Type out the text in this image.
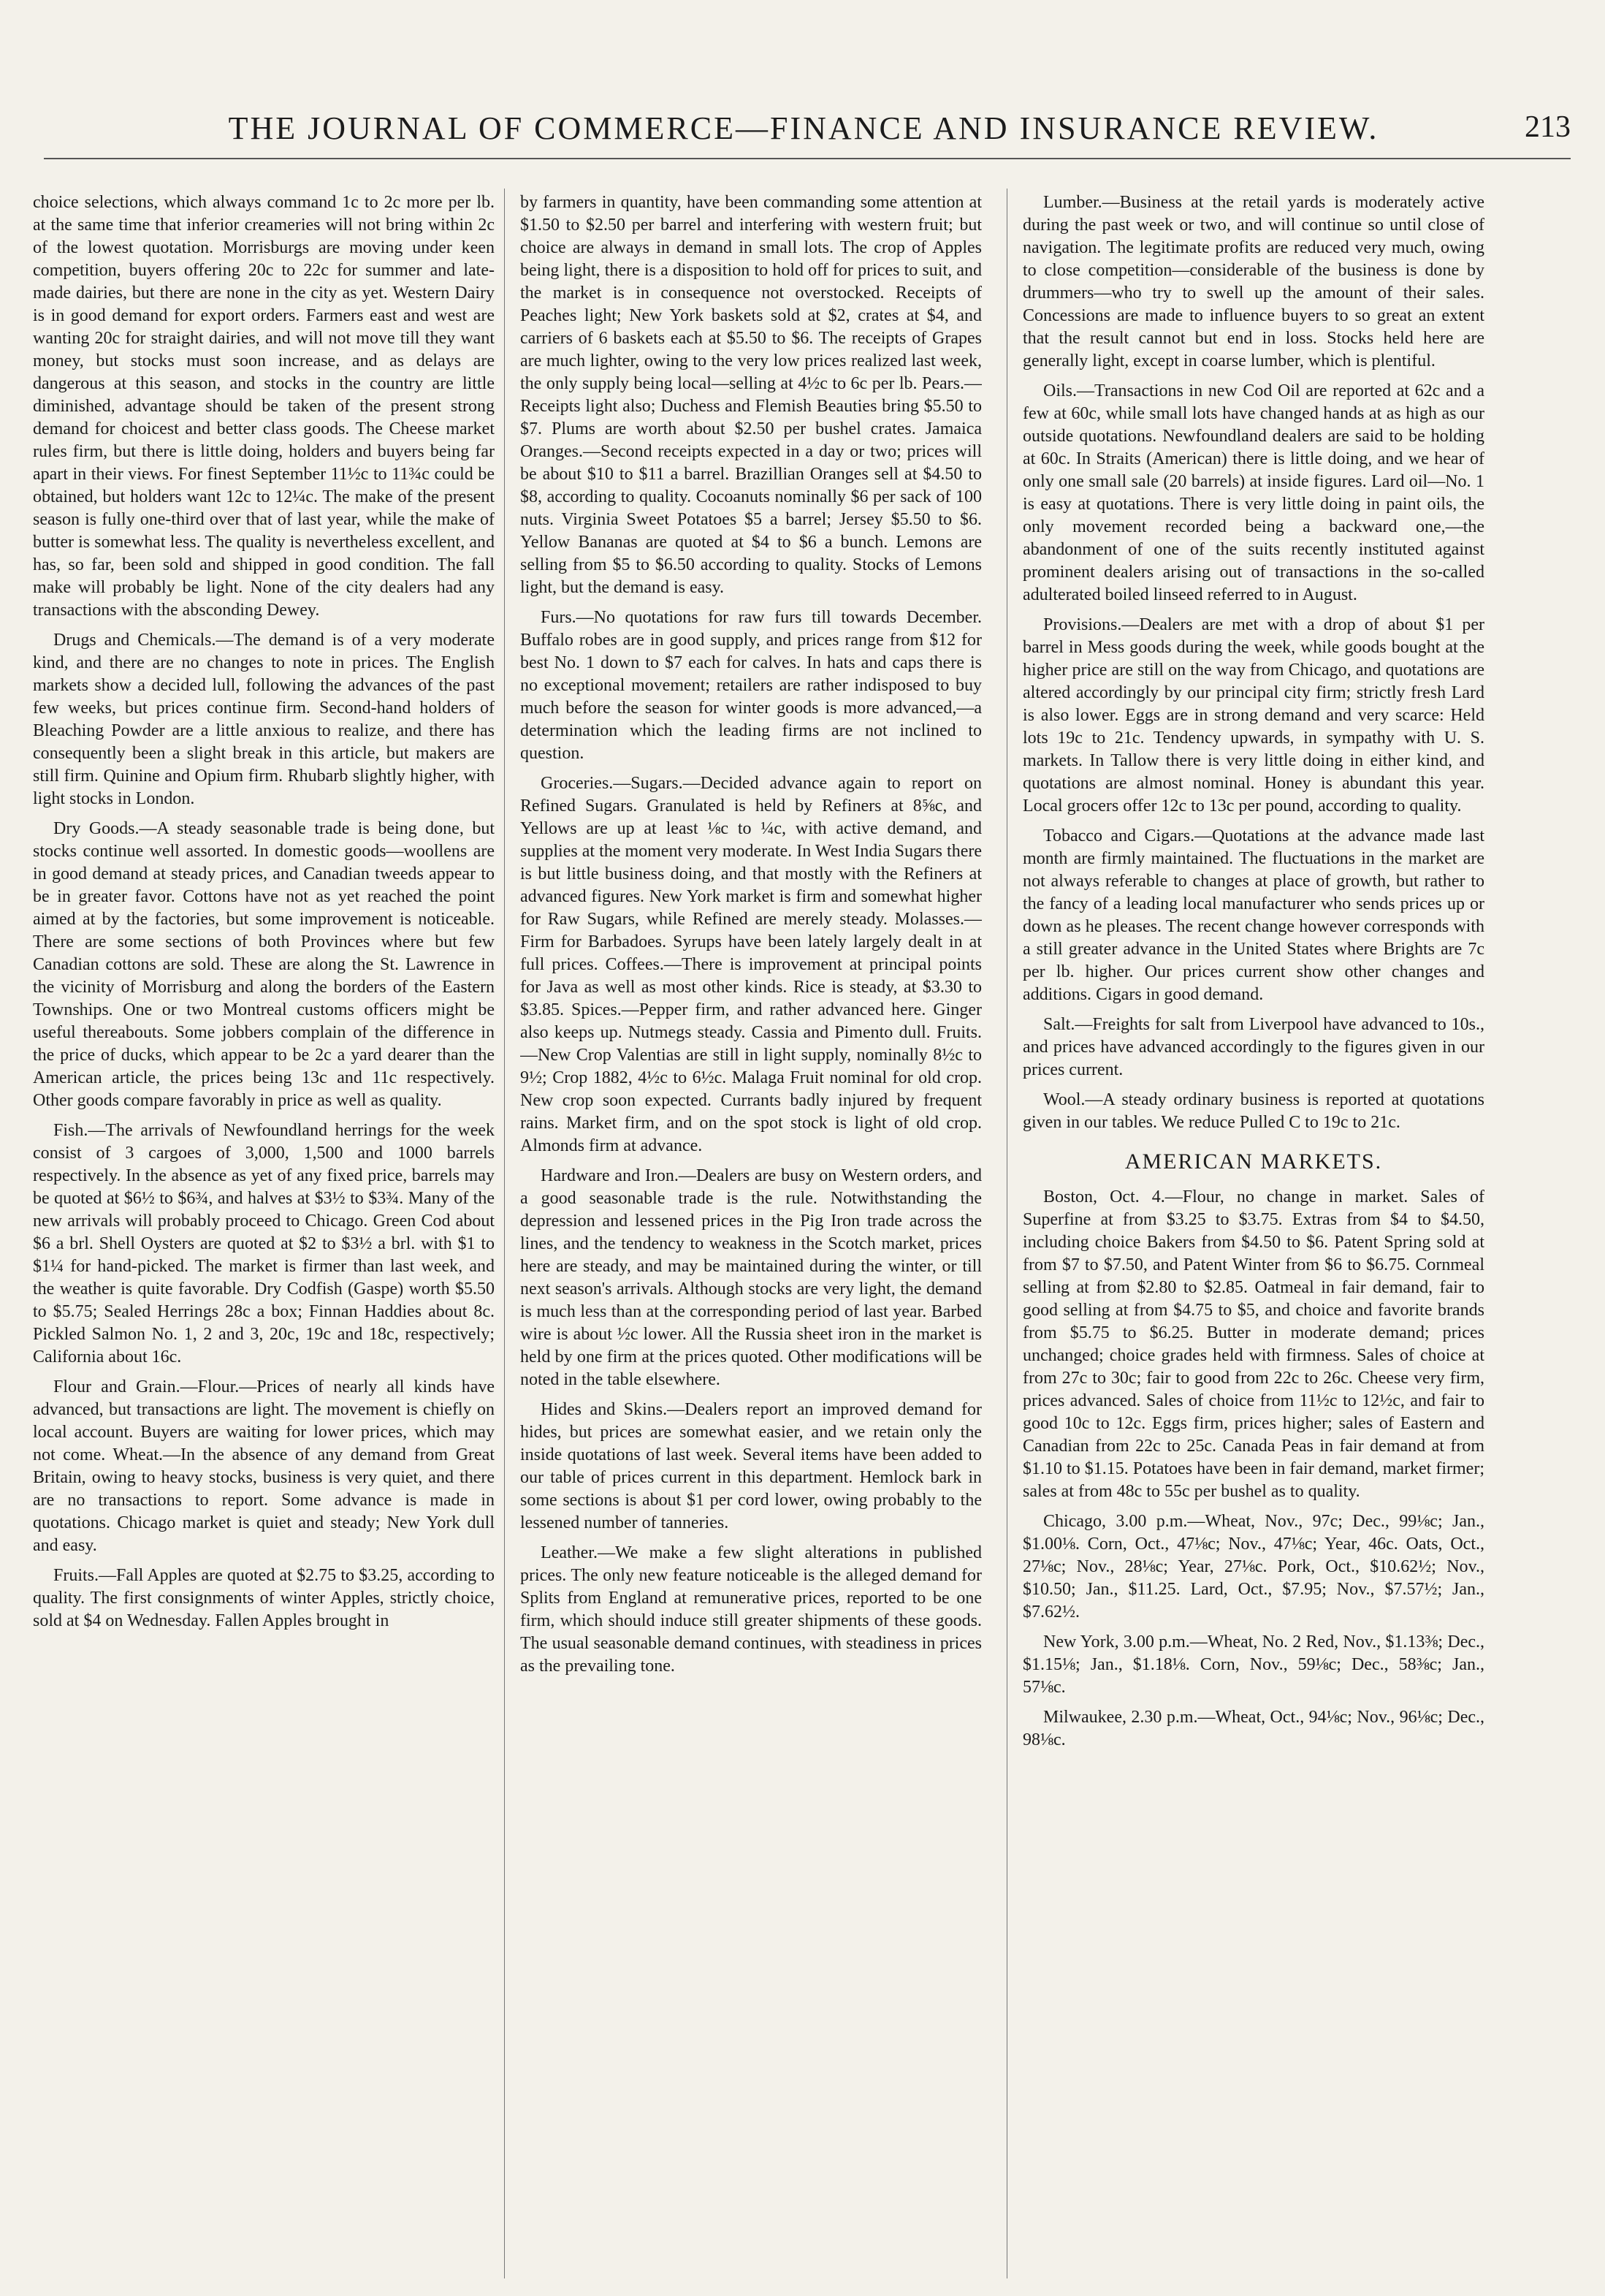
THE JOURNAL OF COMMERCE—FINANCE AND INSURANCE REVIEW.	213

choice selections, which always command 1c to 2c more per lb. at the same time that inferior creameries will not bring within 2c of the lowest quotation. Morrisburgs are moving under keen competition, buyers offering 20c to 22c for summer and late-made dairies, but there are none in the city as yet. Western Dairy is in good demand for export orders. Farmers east and west are wanting 20c for straight dairies, and will not move till they want money, but stocks must soon increase, and as delays are dangerous at this season, and stocks in the country are little diminished, advantage should be taken of the present strong demand for choicest and better class goods. The Cheese market rules firm, but there is little doing, holders and buyers being far apart in their views. For finest September 11½c to 11¾c could be obtained, but holders want 12c to 12¼c. The make of the present season is fully one-third over that of last year, while the make of butter is somewhat less. The quality is nevertheless excellent, and has, so far, been sold and shipped in good condition. The fall make will probably be light. None of the city dealers had any transactions with the absconding Dewey.

Drugs and Chemicals.—The demand is of a very moderate kind, and there are no changes to note in prices. The English markets show a decided lull, following the advances of the past few weeks, but prices continue firm. Second-hand holders of Bleaching Powder are a little anxious to realize, and there has consequently been a slight break in this article, but makers are still firm. Quinine and Opium firm. Rhubarb slightly higher, with light stocks in London.

Dry Goods.—A steady seasonable trade is being done, but stocks continue well assorted. In domestic goods—woollens are in good demand at steady prices, and Canadian tweeds appear to be in greater favor. Cottons have not as yet reached the point aimed at by the factories, but some improvement is noticeable. There are some sections of both Provinces where but few Canadian cottons are sold. These are along the St. Lawrence in the vicinity of Morrisburg and along the borders of the Eastern Townships. One or two Montreal customs officers might be useful thereabouts. Some jobbers complain of the difference in the price of ducks, which appear to be 2c a yard dearer than the American article, the prices being 13c and 11c respectively. Other goods compare favorably in price as well as quality.

Fish.—The arrivals of Newfoundland herrings for the week consist of 3 cargoes of 3,000, 1,500 and 1000 barrels respectively. In the absence as yet of any fixed price, barrels may be quoted at $6½ to $6¾, and halves at $3½ to $3¾. Many of the new arrivals will probably proceed to Chicago. Green Cod about $6 a brl. Shell Oysters are quoted at $2 to $3½ a brl. with $1 to $1¼ for hand-picked. The market is firmer than last week, and the weather is quite favorable. Dry Codfish (Gaspe) worth $5.50 to $5.75; Sealed Herrings 28c a box; Finnan Haddies about 8c. Pickled Salmon No. 1, 2 and 3, 20c, 19c and 18c, respectively; California about 16c.

Flour and Grain.—Flour.—Prices of nearly all kinds have advanced, but transactions are light. The movement is chiefly on local account. Buyers are waiting for lower prices, which may not come. Wheat.—In the absence of any demand from Great Britain, owing to heavy stocks, business is very quiet, and there are no transactions to report. Some advance is made in quotations. Chicago market is quiet and steady; New York dull and easy.

Fruits.—Fall Apples are quoted at $2.75 to $3.25, according to quality. The first consignments of winter Apples, strictly choice, sold at $4 on Wednesday. Fallen Apples brought in

by farmers in quantity, have been commanding some attention at $1.50 to $2.50 per barrel and interfering with western fruit; but choice are always in demand in small lots. The crop of Apples being light, there is a disposition to hold off for prices to suit, and the market is in consequence not overstocked. Receipts of Peaches light; New York baskets sold at $2, crates at $4, and carriers of 6 baskets each at $5.50 to $6. The receipts of Grapes are much lighter, owing to the very low prices realized last week, the only supply being local—selling at 4½c to 6c per lb. Pears.—Receipts light also; Duchess and Flemish Beauties bring $5.50 to $7. Plums are worth about $2.50 per bushel crates. Jamaica Oranges.—Second receipts expected in a day or two; prices will be about $10 to $11 a barrel. Brazillian Oranges sell at $4.50 to $8, according to quality. Cocoanuts nominally $6 per sack of 100 nuts. Virginia Sweet Potatoes $5 a barrel; Jersey $5.50 to $6. Yellow Bananas are quoted at $4 to $6 a bunch. Lemons are selling from $5 to $6.50 according to quality. Stocks of Lemons light, but the demand is easy.

Furs.—No quotations for raw furs till towards December. Buffalo robes are in good supply, and prices range from $12 for best No. 1 down to $7 each for calves. In hats and caps there is no exceptional movement; retailers are rather indisposed to buy much before the season for winter goods is more advanced,—a determination which the leading firms are not inclined to question.

Groceries.—Sugars.—Decided advance again to report on Refined Sugars. Granulated is held by Refiners at 8⅝c, and Yellows are up at least ⅛c to ¼c, with active demand, and supplies at the moment very moderate. In West India Sugars there is but little business doing, and that mostly with the Refiners at advanced figures. New York market is firm and somewhat higher for Raw Sugars, while Refined are merely steady. Molasses.—Firm for Barbadoes. Syrups have been lately largely dealt in at full prices. Coffees.—There is improvement at principal points for Java as well as most other kinds. Rice is steady, at $3.30 to $3.85. Spices.—Pepper firm, and rather advanced here. Ginger also keeps up. Nutmegs steady. Cassia and Pimento dull. Fruits.—New Crop Valentias are still in light supply, nominally 8½c to 9½; Crop 1882, 4½c to 6½c. Malaga Fruit nominal for old crop. New crop soon expected. Currants badly injured by frequent rains. Market firm, and on the spot stock is light of old crop. Almonds firm at advance.

Hardware and Iron.—Dealers are busy on Western orders, and a good seasonable trade is the rule. Notwithstanding the depression and lessened prices in the Pig Iron trade across the lines, and the tendency to weakness in the Scotch market, prices here are steady, and may be maintained during the winter, or till next season's arrivals. Although stocks are very light, the demand is much less than at the corresponding period of last year. Barbed wire is about ½c lower. All the Russia sheet iron in the market is held by one firm at the prices quoted. Other modifications will be noted in the table elsewhere.

Hides and Skins.—Dealers report an improved demand for hides, but prices are somewhat easier, and we retain only the inside quotations of last week. Several items have been added to our table of prices current in this department. Hemlock bark in some sections is about $1 per cord lower, owing probably to the lessened number of tanneries.

Leather.—We make a few slight alterations in published prices. The only new feature noticeable is the alleged demand for Splits from England at remunerative prices, reported to be one firm, which should induce still greater shipments of these goods. The usual seasonable demand continues, with steadiness in prices as the prevailing tone.

Lumber.—Business at the retail yards is moderately active during the past week or two, and will continue so until close of navigation. The legitimate profits are reduced very much, owing to close competition—considerable of the business is done by drummers—who try to swell up the amount of their sales. Concessions are made to influence buyers to so great an extent that the result cannot but end in loss. Stocks held here are generally light, except in coarse lumber, which is plentiful.

Oils.—Transactions in new Cod Oil are reported at 62c and a few at 60c, while small lots have changed hands at as high as our outside quotations. Newfoundland dealers are said to be holding at 60c. In Straits (American) there is little doing, and we hear of only one small sale (20 barrels) at inside figures. Lard oil—No. 1 is easy at quotations. There is very little doing in paint oils, the only movement recorded being a backward one,—the abandonment of one of the suits recently instituted against prominent dealers arising out of transactions in the so-called adulterated boiled linseed referred to in August.

Provisions.—Dealers are met with a drop of about $1 per barrel in Mess goods during the week, while goods bought at the higher price are still on the way from Chicago, and quotations are altered accordingly by our principal city firm; strictly fresh Lard is also lower. Eggs are in strong demand and very scarce: Held lots 19c to 21c. Tendency upwards, in sympathy with U. S. markets. In Tallow there is very little doing in either kind, and quotations are almost nominal. Honey is abundant this year. Local grocers offer 12c to 13c per pound, according to quality.

Tobacco and Cigars.—Quotations at the advance made last month are firmly maintained. The fluctuations in the market are not always referable to changes at place of growth, but rather to the fancy of a leading local manufacturer who sends prices up or down as he pleases. The recent change however corresponds with a still greater advance in the United States where Brights are 7c per lb. higher. Our prices current show other changes and additions. Cigars in good demand.

Salt.—Freights for salt from Liverpool have advanced to 10s., and prices have advanced accordingly to the figures given in our prices current.

Wool.—A steady ordinary business is reported at quotations given in our tables. We reduce Pulled C to 19c to 21c.

AMERICAN MARKETS.

Boston, Oct. 4.—Flour, no change in market. Sales of Superfine at from $3.25 to $3.75. Extras from $4 to $4.50, including choice Bakers from $4.50 to $6. Patent Spring sold at from $7 to $7.50, and Patent Winter from $6 to $6.75. Cornmeal selling at from $2.80 to $2.85. Oatmeal in fair demand, fair to good selling at from $4.75 to $5, and choice and favorite brands from $5.75 to $6.25. Butter in moderate demand; prices unchanged; choice grades held with firmness. Sales of choice at from 27c to 30c; fair to good from 22c to 26c. Cheese very firm, prices advanced. Sales of choice from 11½c to 12½c, and fair to good 10c to 12c. Eggs firm, prices higher; sales of Eastern and Canadian from 22c to 25c. Canada Peas in fair demand at from $1.10 to $1.15. Potatoes have been in fair demand, market firmer; sales at from 48c to 55c per bushel as to quality.

Chicago, 3.00 p.m.—Wheat, Nov., 97c; Dec., 99⅛c; Jan., $1.00⅛. Corn, Oct., 47⅛c; Nov., 47⅛c; Year, 46c. Oats, Oct., 27⅛c; Nov., 28⅛c; Year, 27⅛c. Pork, Oct., $10.62½; Nov., $10.50; Jan., $11.25. Lard, Oct., $7.95; Nov., $7.57½; Jan., $7.62½.

New York, 3.00 p.m.—Wheat, No. 2 Red, Nov., $1.13⅜; Dec., $1.15⅛; Jan., $1.18⅛. Corn, Nov., 59⅛c; Dec., 58⅜c; Jan., 57⅛c.

Milwaukee, 2.30 p.m.—Wheat, Oct., 94⅛c; Nov., 96⅛c; Dec., 98⅛c.
